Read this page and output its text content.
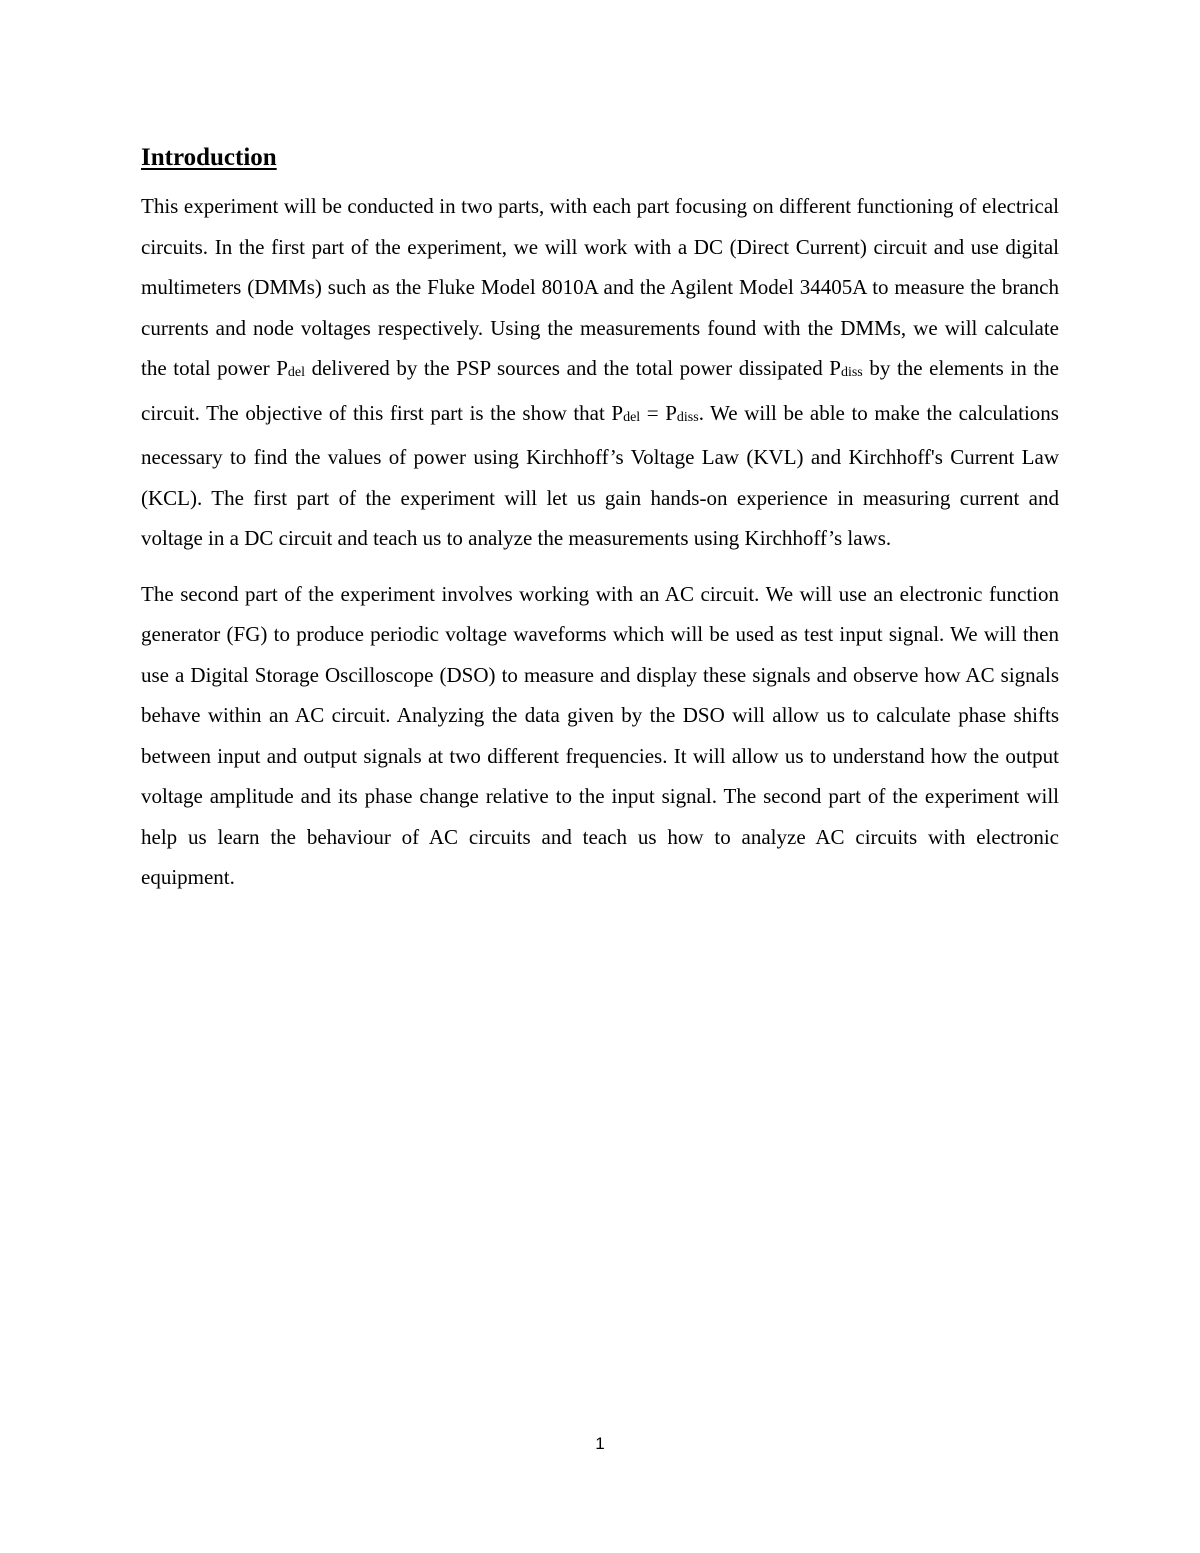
Introduction

This experiment will be conducted in two parts, with each part focusing on different functioning of electrical circuits. In the first part of the experiment, we will work with a DC (Direct Current) circuit and use digital multimeters (DMMs) such as the Fluke Model 8010A and the Agilent Model 34405A to measure the branch currents and node voltages respectively. Using the measurements found with the DMMs, we will calculate the total power Pdel delivered by the PSP sources and the total power dissipated Pdiss by the elements in the circuit. The objective of this first part is the show that Pdel = Pdiss. We will be able to make the calculations necessary to find the values of power using Kirchhoff’s Voltage Law (KVL) and Kirchhoff's Current Law (KCL). The first part of the experiment will let us gain hands-on experience in measuring current and voltage in a DC circuit and teach us to analyze the measurements using Kirchhoff’s laws.

The second part of the experiment involves working with an AC circuit. We will use an electronic function generator (FG) to produce periodic voltage waveforms which will be used as test input signal. We will then use a Digital Storage Oscilloscope (DSO) to measure and display these signals and observe how AC signals behave within an AC circuit. Analyzing the data given by the DSO will allow us to calculate phase shifts between input and output signals at two different frequencies. It will allow us to understand how the output voltage amplitude and its phase change relative to the input signal. The second part of the experiment will help us learn the behaviour of AC circuits and teach us how to analyze AC circuits with electronic equipment.

1
